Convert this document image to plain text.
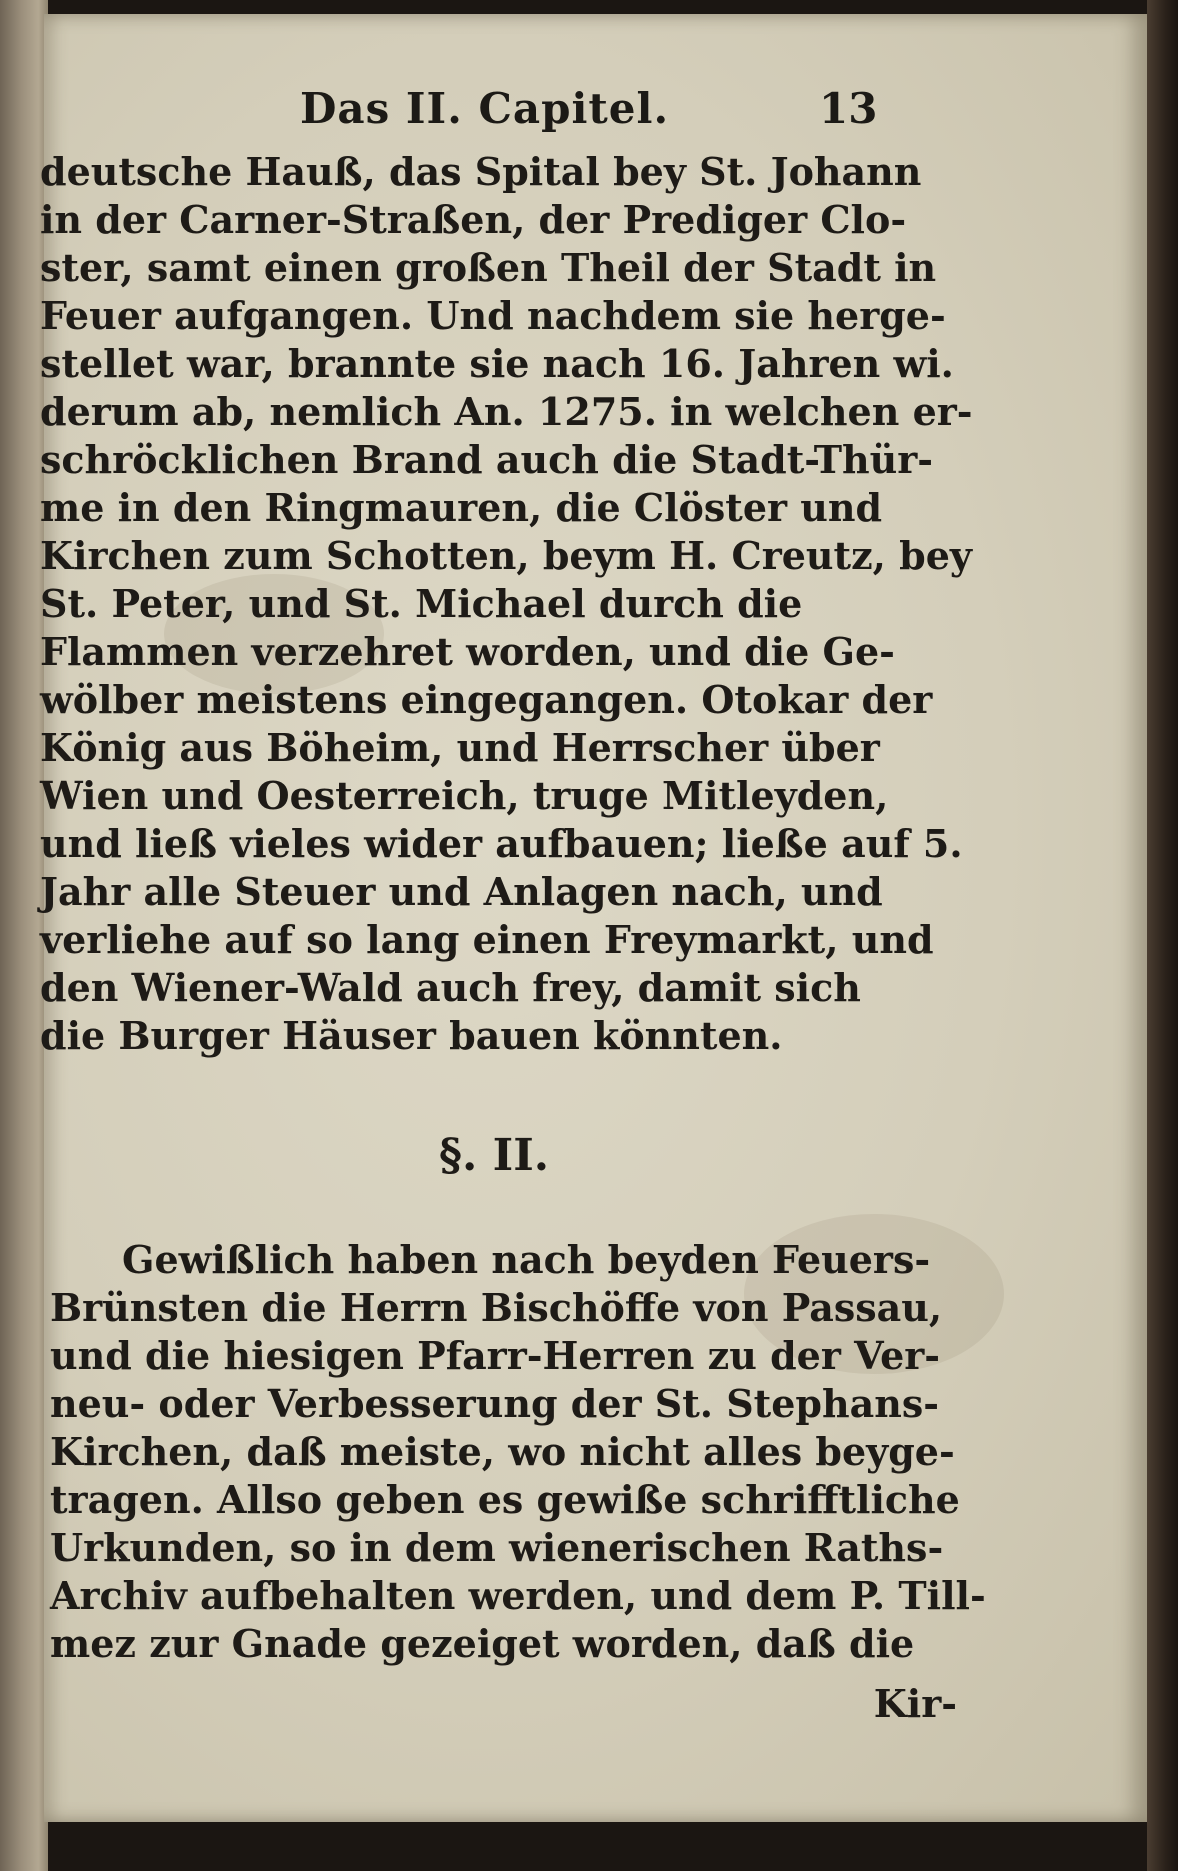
Das II. Capitel.	13
deutsche Hauß, das Spital bey St. Johann
in der Carner-Straßen, der Prediger Clo-
ster, samt einen großen Theil der Stadt in
Feuer aufgangen. Und nachdem sie herge-
stellet war, brannte sie nach 16. Jahren wi.
derum ab, nemlich An. 1275. in welchen er-
schröcklichen Brand auch die Stadt-Thür-
me in den Ringmauren, die Clöster und
Kirchen zum Schotten, beym H. Creutz, bey
St. Peter, und St. Michael durch die
Flammen verzehret worden, und die Ge-
wölber meistens eingegangen. Otokar der
König aus Böheim, und Herrscher über
Wien und Oesterreich, truge Mitleyden,
und ließ vieles wider aufbauen; ließe auf 5.
Jahr alle Steuer und Anlagen nach, und
verliehe auf so lang einen Freymarkt, und
den Wiener-Wald auch frey, damit sich
die Burger Häuser bauen könnten.
§. II.
Gewißlich haben nach beyden Feuers-
Brünsten die Herrn Bischöffe von Passau,
und die hiesigen Pfarr-Herren zu der Ver-
neu- oder Verbesserung der St. Stephans-
Kirchen, daß meiste, wo nicht alles beyge-
tragen. Allso geben es gewiße schrifftliche
Urkunden, so in dem wienerischen Raths-
Archiv aufbehalten werden, und dem P. Till-
mez zur Gnade gezeiget worden, daß die
Kir-
